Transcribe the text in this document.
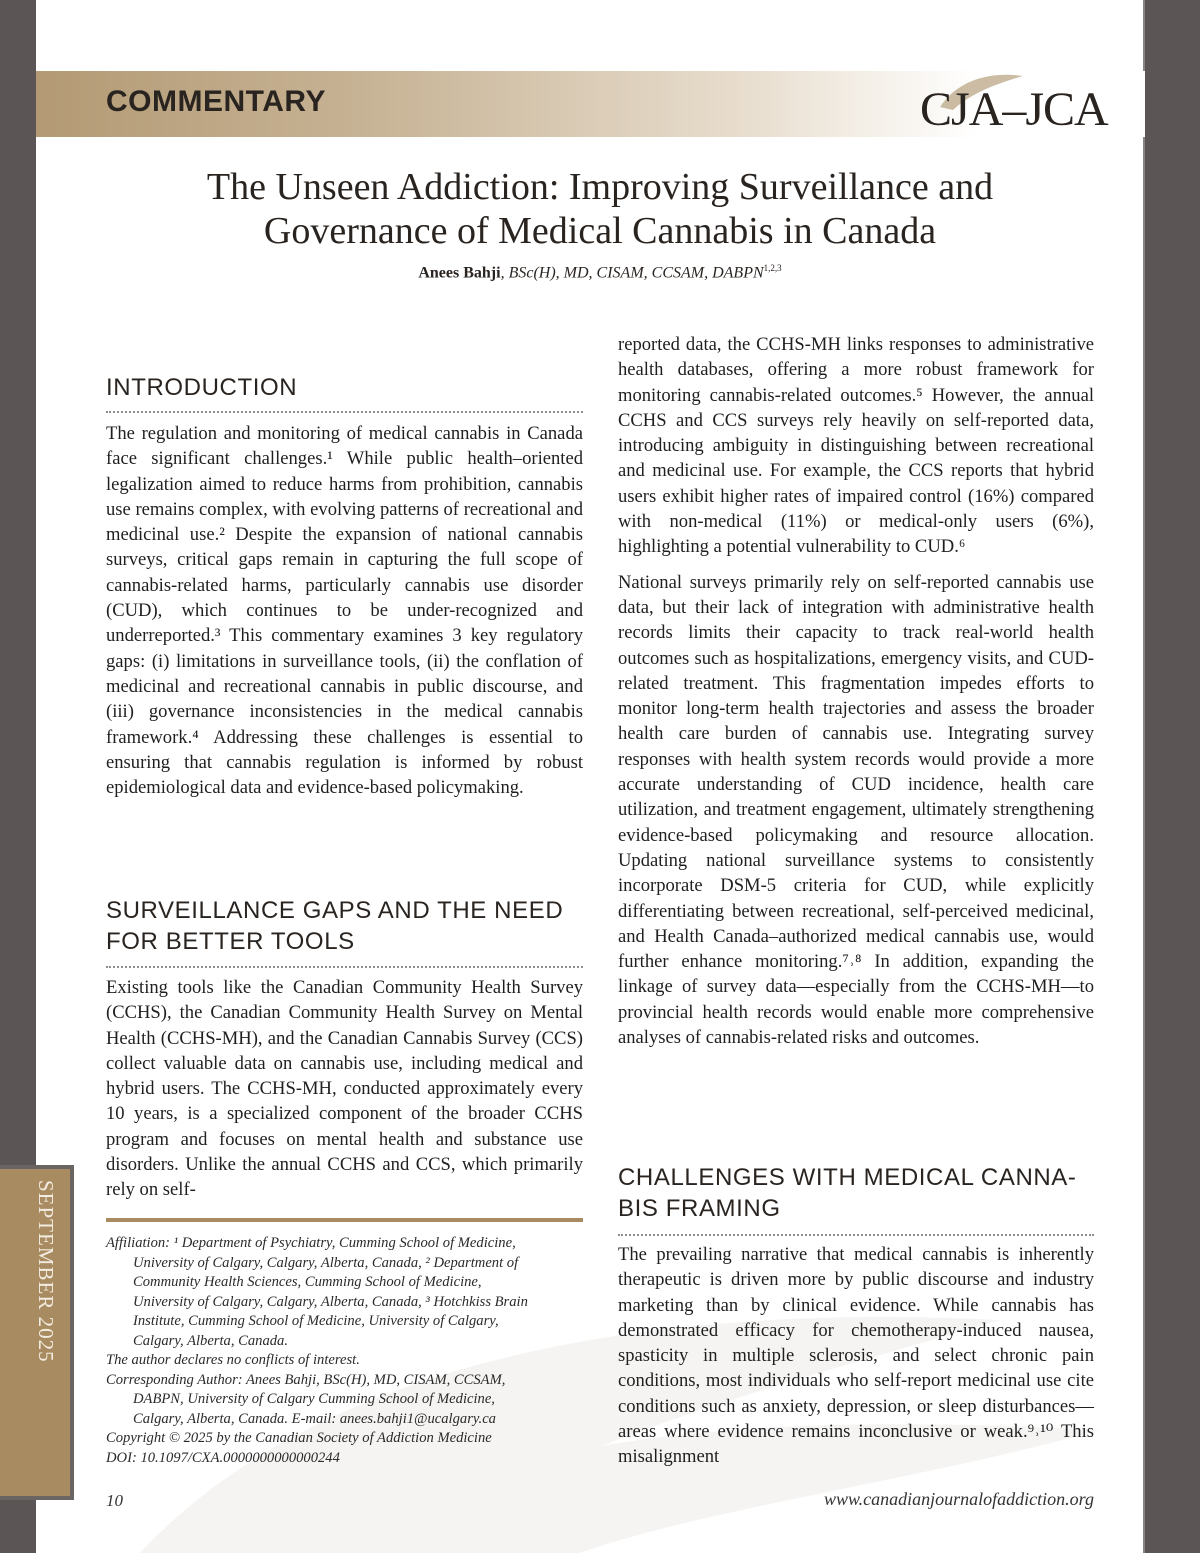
COMMENTARY	CJA–JCA
The Unseen Addiction: Improving Surveillance and
Governance of Medical Cannabis in Canada
Anees Bahji, BSc(H), MD, CISAM, CCSAM, DABPN$^{1,2,3}$
INTRODUCTION

The regulation and monitoring of medical cannabis in Canada face significant challenges.¹ While public health–oriented legalization aimed to reduce harms from prohibition, cannabis use remains complex, with evolving patterns of recreational and medicinal use.² Despite the expansion of national cannabis surveys, critical gaps remain in capturing the full scope of cannabis-related harms, particularly cannabis use disorder (CUD), which continues to be under-recognized and underreported.³ This commentary examines 3 key regulatory gaps: (i) limitations in surveillance tools, (ii) the conflation of medicinal and recreational cannabis in public discourse, and (iii) governance inconsistencies in the medical cannabis framework.⁴ Addressing these challenges is essential to ensuring that cannabis regulation is informed by robust epidemiological data and evidence-based policymaking.

SURVEILLANCE GAPS AND THE NEED
FOR BETTER TOOLS

Existing tools like the Canadian Community Health Survey (CCHS), the Canadian Community Health Survey on Mental Health (CCHS-MH), and the Canadian Cannabis Survey (CCS) collect valuable data on cannabis use, including medical and hybrid users. The CCHS-MH, conducted approximately every 10 years, is a specialized component of the broader CCHS program and focuses on mental health and substance use disorders. Unlike the annual CCHS and CCS, which primarily rely on self-

Affiliation: ¹ Department of Psychiatry, Cumming School of Medicine,

University of Calgary, Calgary, Alberta, Canada, ² Department of

Community Health Sciences, Cumming School of Medicine,

University of Calgary, Calgary, Alberta, Canada, ³ Hotchkiss Brain

Institute, Cumming School of Medicine, University of Calgary,

Calgary, Alberta, Canada.

The author declares no conflicts of interest.

Corresponding Author: Anees Bahji, BSc(H), MD, CISAM, CCSAM,

DABPN, University of Calgary Cumming School of Medicine,

Calgary, Alberta, Canada. E-mail: anees.bahji1@ucalgary.ca

Copyright © 2025 by the Canadian Society of Addiction Medicine

DOI: 10.1097/CXA.0000000000000244

reported data, the CCHS-MH links responses to administrative health databases, offering a more robust framework for monitoring cannabis-related outcomes.⁵ However, the annual CCHS and CCS surveys rely heavily on self-reported data, introducing ambiguity in distinguishing between recreational and medicinal use. For example, the CCS reports that hybrid users exhibit higher rates of impaired control (16%) compared with non-medical (11%) or medical-only users (6%), highlighting a potential vulnerability to CUD.⁶

National surveys primarily rely on self-reported cannabis use data, but their lack of integration with administrative health records limits their capacity to track real-world health outcomes such as hospitalizations, emergency visits, and CUD-related treatment. This fragmentation impedes efforts to monitor long-term health trajectories and assess the broader health care burden of cannabis use. Integrating survey responses with health system records would provide a more accurate understanding of CUD incidence, health care utilization, and treatment engagement, ultimately strengthening evidence-based policymaking and resource allocation. Updating national surveillance systems to consistently incorporate DSM-5 criteria for CUD, while explicitly differentiating between recreational, self-perceived medicinal, and Health Canada–authorized medical cannabis use, would further enhance monitoring.⁷˒⁸ In addition, expanding the linkage of survey data—especially from the CCHS-MH—to provincial health records would enable more comprehensive analyses of cannabis-related risks and outcomes.

CHALLENGES WITH MEDICAL CANNA-
BIS FRAMING

The prevailing narrative that medical cannabis is inherently therapeutic is driven more by public discourse and industry marketing than by clinical evidence. While cannabis has demonstrated efficacy for chemotherapy-induced nausea, spasticity in multiple sclerosis, and select chronic pain conditions, most individuals who self-report medicinal use cite conditions such as anxiety, depression, or sleep disturbances—areas where evidence remains inconclusive or weak.⁹˒¹⁰ This misalignment

SEPTEMBER 2025
10	www.canadianjournalofaddiction.org
